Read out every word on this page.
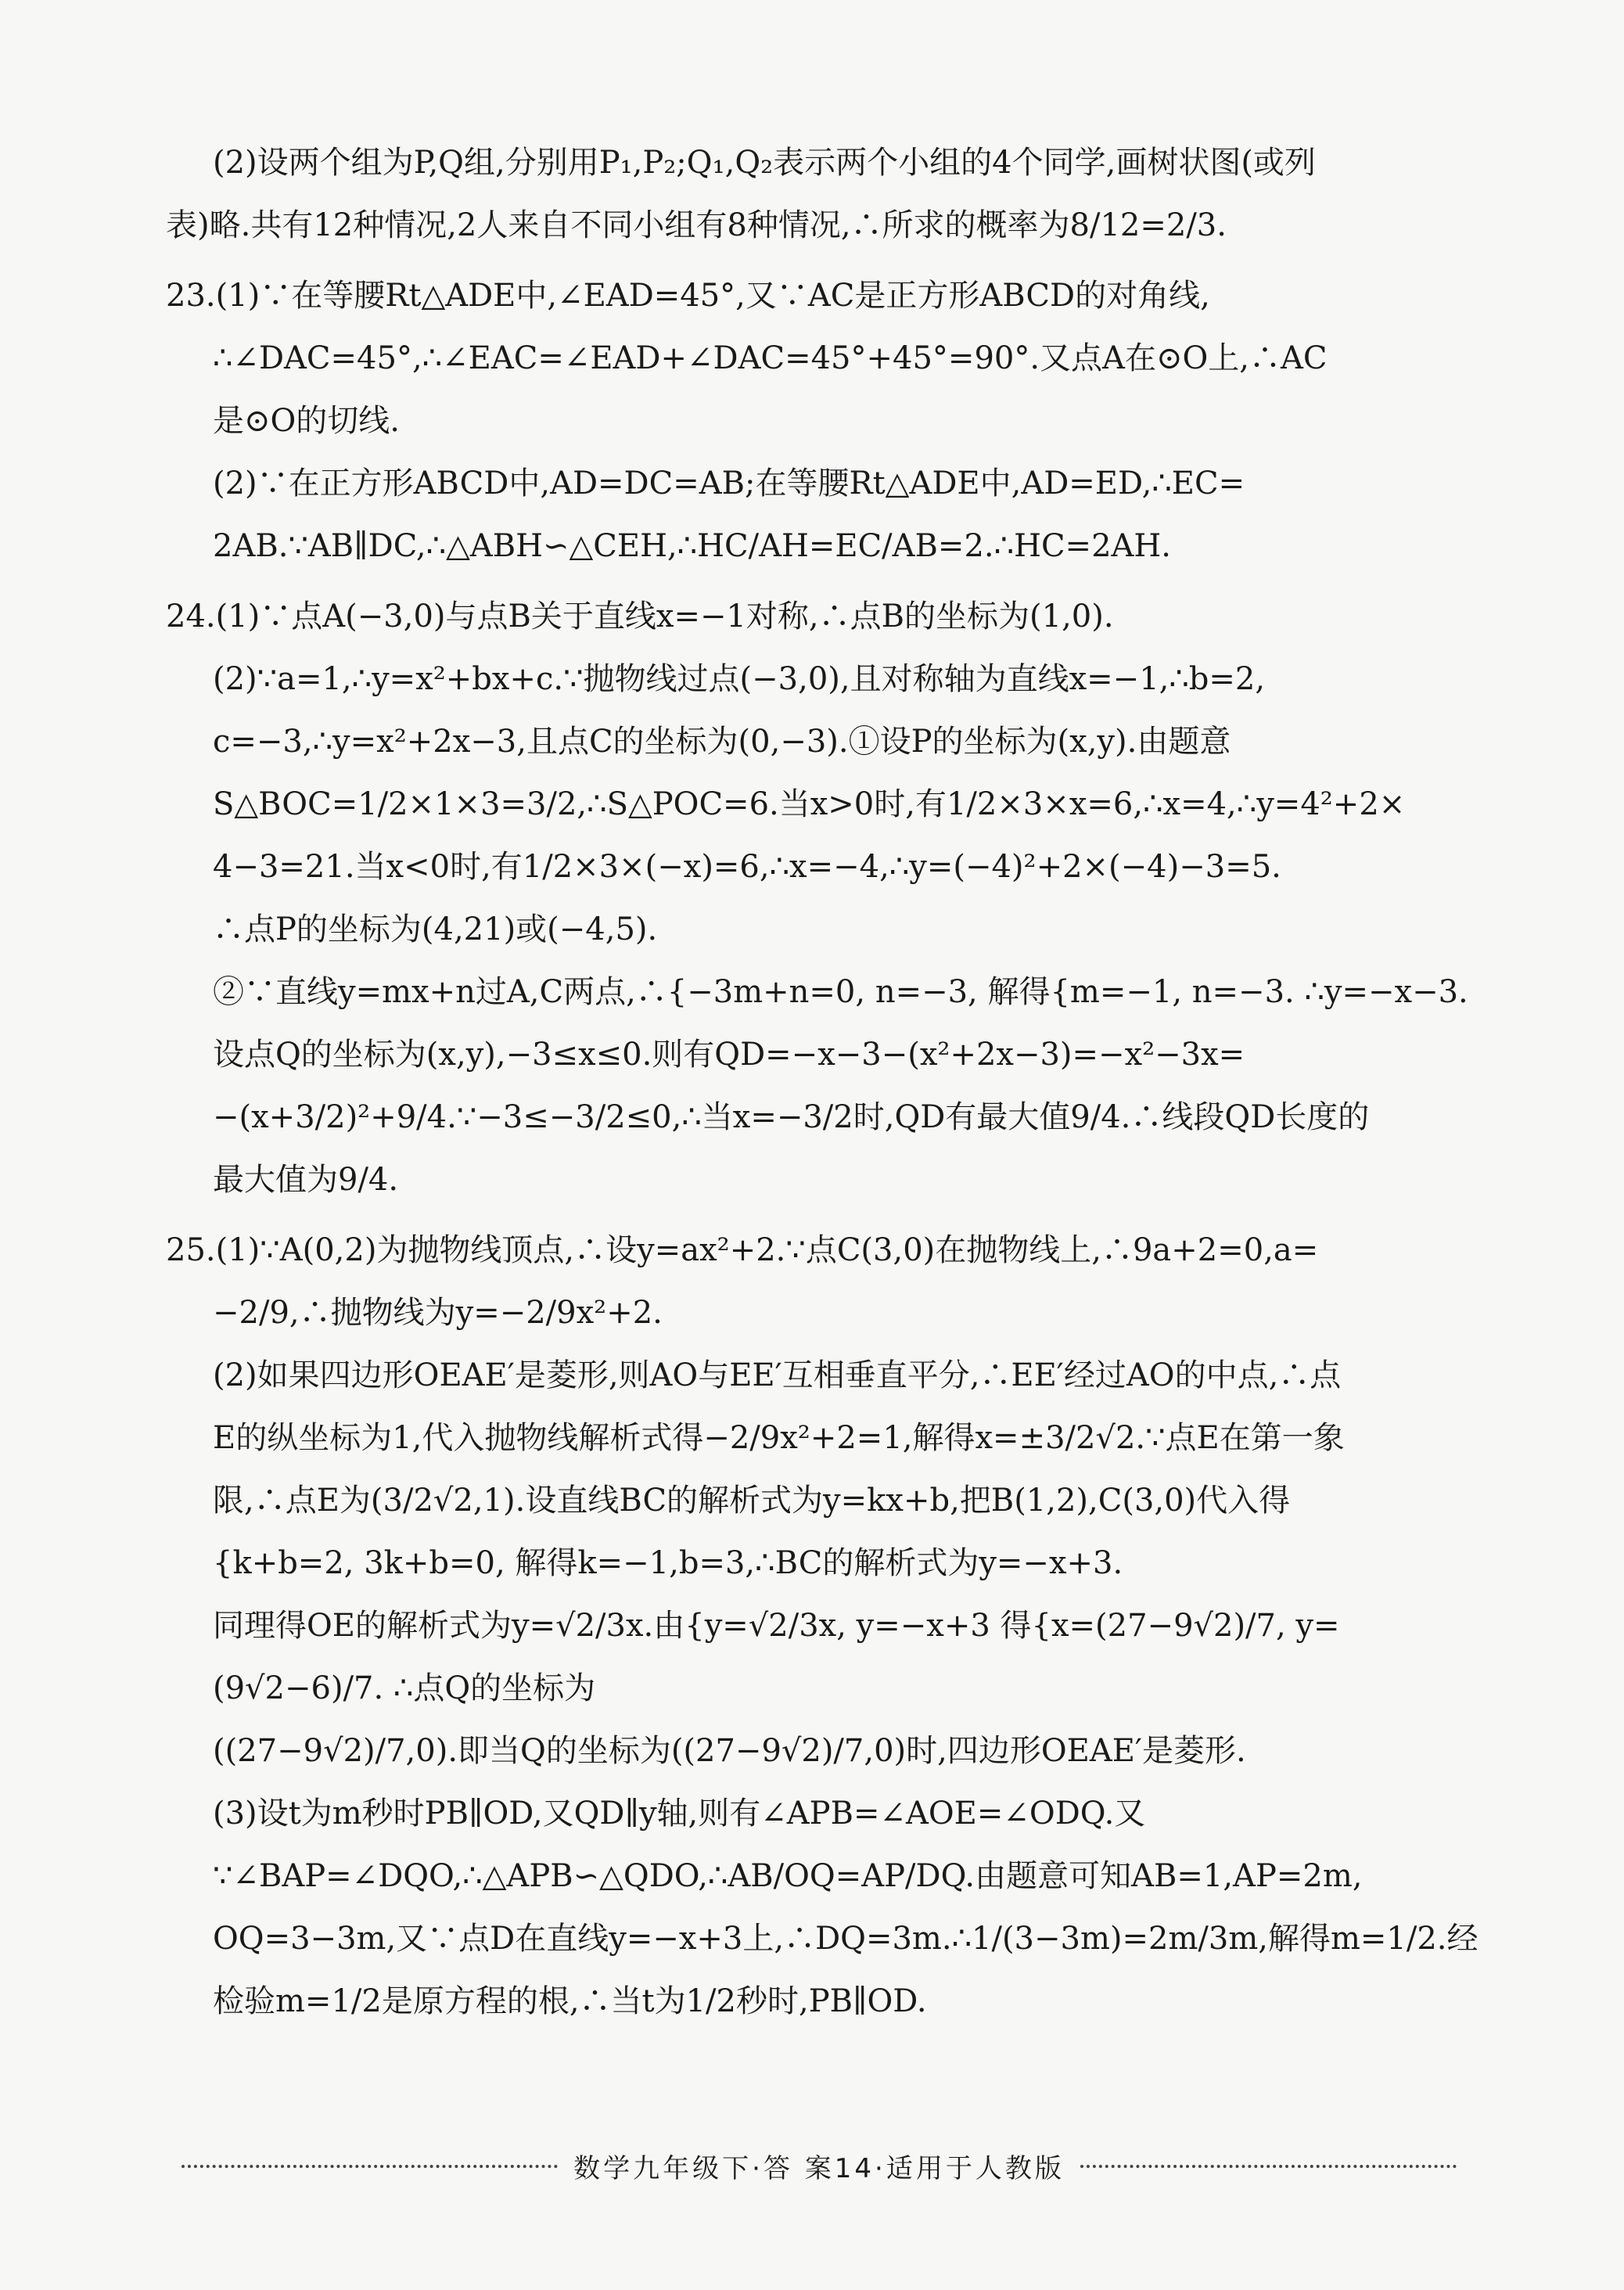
(2)设两个组为P,Q组,分别用P₁,P₂;Q₁,Q₂表示两个小组的4个同学,画树状图(或列
表)略.共有12种情况,2人来自不同小组有8种情况,∴所求的概率为8/12=2/3.
23.(1)∵在等腰Rt△ADE中,∠EAD=45°,又∵AC是正方形ABCD的对角线,
∴∠DAC=45°,∴∠EAC=∠EAD+∠DAC=45°+45°=90°.又点A在⊙O上,∴AC
是⊙O的切线.
(2)∵在正方形ABCD中,AD=DC=AB;在等腰Rt△ADE中,AD=ED,∴EC=
2AB.∵AB∥DC,∴△ABH∽△CEH,∴HC/AH=EC/AB=2.∴HC=2AH.
24.(1)∵点A(−3,0)与点B关于直线x=−1对称,∴点B的坐标为(1,0).
(2)∵a=1,∴y=x²+bx+c.∵抛物线过点(−3,0),且对称轴为直线x=−1,∴b=2,
c=−3,∴y=x²+2x−3,且点C的坐标为(0,−3).①设P的坐标为(x,y).由题意
S△BOC=1/2×1×3=3/2,∴S△POC=6.当x>0时,有1/2×3×x=6,∴x=4,∴y=4²+2×
4−3=21.当x<0时,有1/2×3×(−x)=6,∴x=−4,∴y=(−4)²+2×(−4)−3=5.
∴点P的坐标为(4,21)或(−4,5).
②∵直线y=mx+n过A,C两点,∴{−3m+n=0, n=−3, 解得{m=−1, n=−3. ∴y=−x−3.
设点Q的坐标为(x,y),−3≤x≤0.则有QD=−x−3−(x²+2x−3)=−x²−3x=
−(x+3/2)²+9/4.∵−3≤−3/2≤0,∴当x=−3/2时,QD有最大值9/4.∴线段QD长度的
最大值为9/4.
25.(1)∵A(0,2)为抛物线顶点,∴设y=ax²+2.∵点C(3,0)在抛物线上,∴9a+2=0,a=
−2/9,∴抛物线为y=−2/9x²+2.
(2)如果四边形OEAE′是菱形,则AO与EE′互相垂直平分,∴EE′经过AO的中点,∴点
E的纵坐标为1,代入抛物线解析式得−2/9x²+2=1,解得x=±3/2√2.∵点E在第一象
限,∴点E为(3/2√2,1).设直线BC的解析式为y=kx+b,把B(1,2),C(3,0)代入得
{k+b=2, 3k+b=0, 解得k=−1,b=3,∴BC的解析式为y=−x+3.
同理得OE的解析式为y=√2/3x.由{y=√2/3x, y=−x+3 得{x=(27−9√2)/7, y=(9√2−6)/7. ∴点Q的坐标为
((27−9√2)/7,0).即当Q的坐标为((27−9√2)/7,0)时,四边形OEAE′是菱形.
(3)设t为m秒时PB∥OD,又QD∥y轴,则有∠APB=∠AOE=∠ODQ.又
∵∠BAP=∠DQO,∴△APB∽△QDO,∴AB/OQ=AP/DQ.由题意可知AB=1,AP=2m,
OQ=3−3m,又∵点D在直线y=−x+3上,∴DQ=3m.∴1/(3−3m)=2m/3m,解得m=1/2.经
检验m=1/2是原方程的根,∴当t为1/2秒时,PB∥OD.
数学九年级下·答 案14·适用于人教版
